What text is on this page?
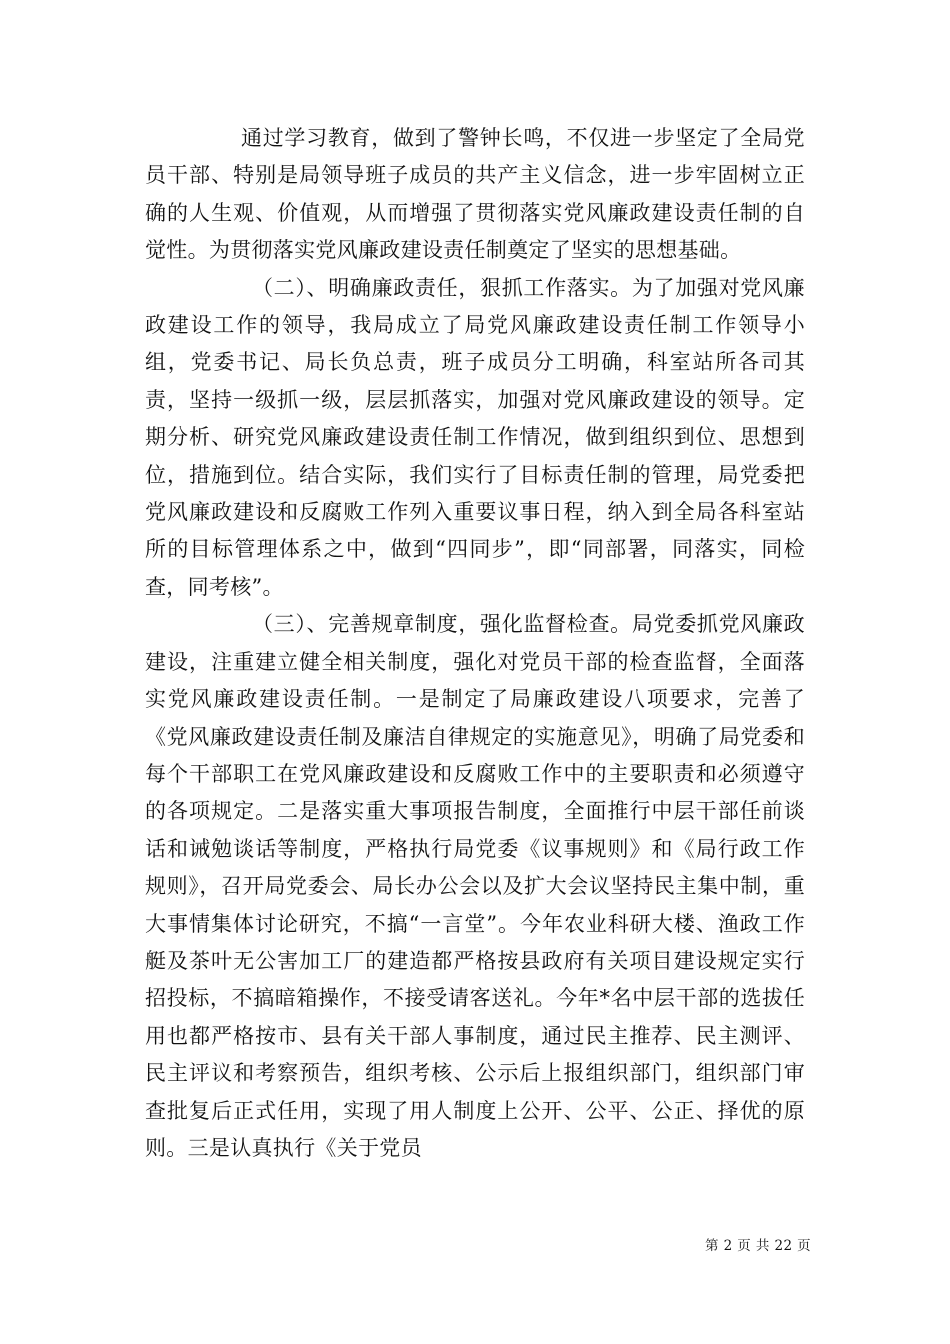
通过学习教育，做到了警钟长鸣，不仅进一步坚定了全局党员干部、特别是局领导班子成员的共产主义信念，进一步牢固树立正确的人生观、价值观，从而增强了贯彻落实党风廉政建设责任制的自觉性。为贯彻落实党风廉政建设责任制奠定了坚实的思想基础。

（二）、明确廉政责任，狠抓工作落实。为了加强对党风廉政建设工作的领导，我局成立了局党风廉政建设责任制工作领导小组，党委书记、局长负总责，班子成员分工明确，科室站所各司其责，坚持一级抓一级，层层抓落实，加强对党风廉政建设的领导。定期分析、研究党风廉政建设责任制工作情况，做到组织到位、思想到位，措施到位。结合实际，我们实行了目标责任制的管理，局党委把党风廉政建设和反腐败工作列入重要议事日程，纳入到全局各科室站所的目标管理体系之中，做到“四同步”，即“同部署，同落实，同检查，同考核”。

（三）、完善规章制度，强化监督检查。局党委抓党风廉政建设，注重建立健全相关制度，强化对党员干部的检查监督，全面落实党风廉政建设责任制。一是制定了局廉政建设八项要求，完善了《党风廉政建设责任制及廉洁自律规定的实施意见》，明确了局党委和每个干部职工在党风廉政建设和反腐败工作中的主要职责和必须遵守的各项规定。二是落实重大事项报告制度，全面推行中层干部任前谈话和诫勉谈话等制度，严格执行局党委《议事规则》和《局行政工作规则》，召开局党委会、局长办公会以及扩大会议坚持民主集中制，重大事情集体讨论研究，不搞“一言堂”。今年农业科研大楼、渔政工作艇及茶叶无公害加工厂的建造都严格按县政府有关项目建设规定实行招投标，不搞暗箱操作，不接受请客送礼。今年*名中层干部的选拔任用也都严格按市、县有关干部人事制度，通过民主推荐、民主测评、民主评议和考察预告，组织考核、公示后上报组织部门，组织部门审查批复后正式任用，实现了用人制度上公开、公平、公正、择优的原则。三是认真执行《关于党员

第 2 页 共 22 页
